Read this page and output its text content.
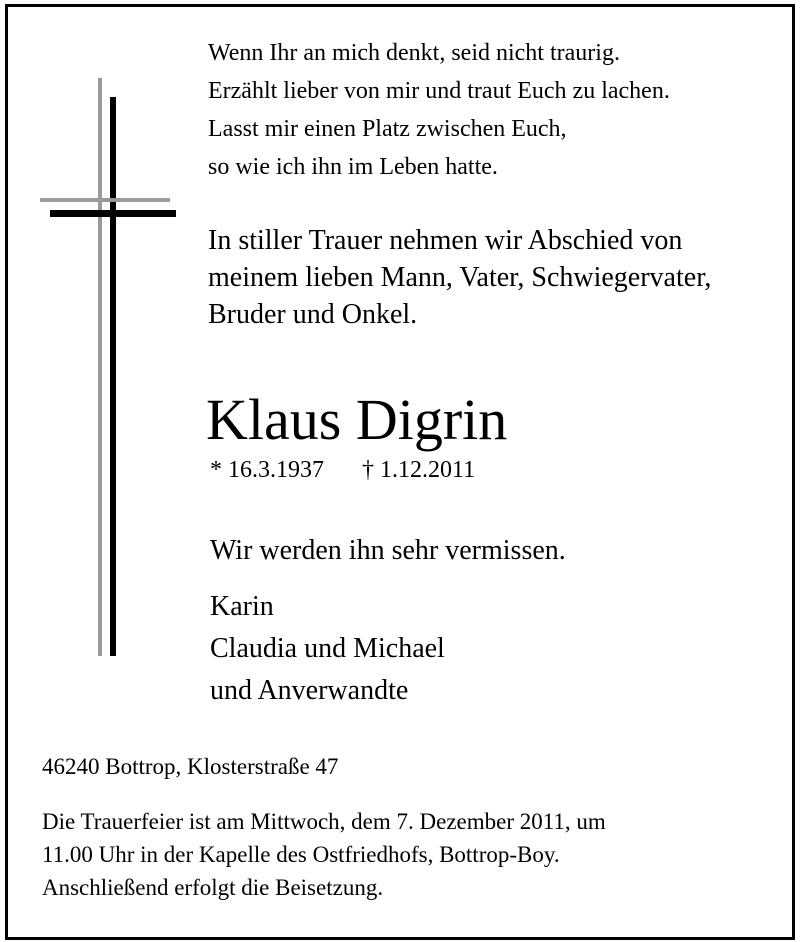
Wenn Ihr an mich denkt, seid nicht traurig.
Erzählt lieber von mir und traut Euch zu lachen.
Lasst mir einen Platz zwischen Euch,
so wie ich ihn im Leben hatte.
In stiller Trauer nehmen wir Abschied von
meinem lieben Mann, Vater, Schwiegervater,
Bruder und Onkel.
Klaus Digrin
* 16.3.1937 † 1.12.2011
Wir werden ihn sehr vermissen.
Karin
Claudia und Michael
und Anverwandte
46240 Bottrop, Klosterstraße 47
Die Trauerfeier ist am Mittwoch, dem 7. Dezember 2011, um
11.00 Uhr in der Kapelle des Ostfriedhofs, Bottrop-Boy.
Anschließend erfolgt die Beisetzung.
